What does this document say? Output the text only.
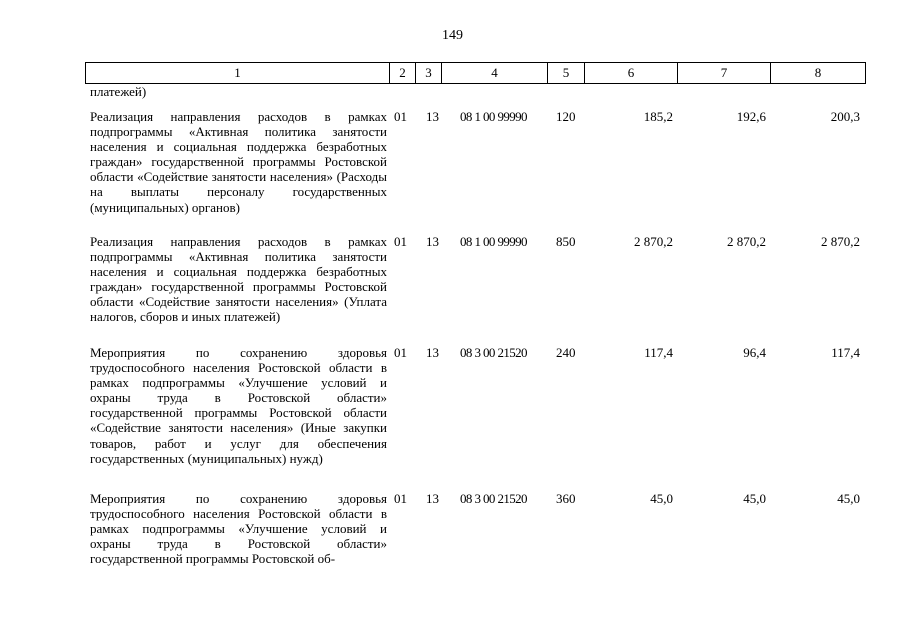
149
1	2	3	4	5	6	7	8
платежей)
Реализация направления расходов в рамках подпрограммы «Активная политика занятости населения и социальная поддержка безработных граждан» государственной программы Ростовской области «Содействие занятости населения» (Расходы на выплаты персоналу государственных (муниципальных) органов)
01	13	08 1 00 99990	120	185,2	192,6	200,3
Реализация направления расходов в рамках подпрограммы «Активная политика занятости населения и социальная поддержка безработных граждан» государственной программы Ростовской области «Содействие занятости населения» (Уплата налогов, сборов и иных платежей)
01	13	08 1 00 99990	850	2 870,2	2 870,2	2 870,2
Мероприятия по сохранению здоровья трудоспособного населения Ростовской области в рамках подпрограммы «Улучшение условий и охраны труда в Ростовской области» государственной программы Ростовской области «Содействие занятости населения» (Иные закупки товаров, работ и услуг для обеспечения государственных (муниципальных) нужд)
01	13	08 3 00 21520	240	117,4	96,4	117,4
Мероприятия по сохранению здоровья трудоспособного населения Ростовской области в рамках подпрограммы «Улучшение условий и охраны труда в Ростовской области» государственной программы Ростовской об-
01	13	08 3 00 21520	360	45,0	45,0	45,0
